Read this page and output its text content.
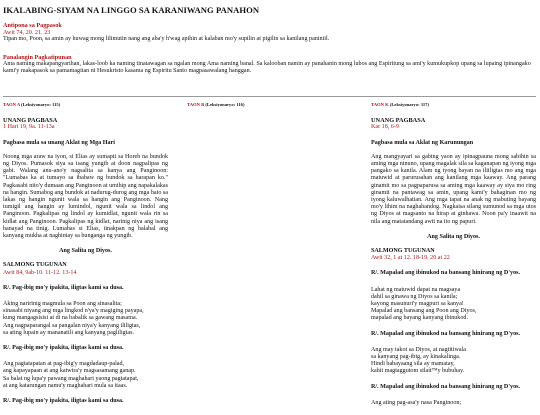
IKALABING-SIYAM NA LINGGO SA KARANIWANG PANAHON
Antipona sa Pagpasok
Awit 74, 20. 21. 23
Tipan mo, Poon, sa amin ay huwag mong lilimutin nang ang aba'y h'wag apihin at kalaban mo'y supilin at pigilin sa kanilang paniniil.
Panalangin Pagkatipunan
Ama naming makapangyarihan, lakas-loob ka naming tinatawagan sa ngalan mong Ama naming banal. Sa kalooban namin ay panahanin mong lubos ang Espiritung sa ami'y kumukupkop upang sa lupaing ipinangako kami'y makapasok sa pamamagitan ni Hesukristo kasama ng Espiritu Santo magpasawalang hanggan.
TAON A (Leksiyonaryo: 115)
UNANG PAGBASA
1 Hari 19, 9a. 11-13a
Pagbasa mula sa unang Aklat ng Mga Hari

Noong mga araw na iyon, si Elias ay sumapit sa Horeb na bundok ng Diyos. Pumasok siya sa isang yungib at doon nagpalipas ng gabi. Walang anu-ano'y nagsalita sa kanya ang Panginoon: "Lumabas ka at tumayo sa ibabaw ng bundok sa harapan ko." Pagkasabi nito'y dumaan ang Panginoon at umihip ang napakalakas na hangin. Sumabog ang bundok at nadurug-durog ang mga bato sa lakas ng hangin ngunit wala sa hangin ang Panginoon. Nang tumigil ang hangin ay lumindol, ngunit wala sa lindol ang Panginoon. Pagkalipas ng lindol ay kumidlat, ngunit wala rin sa kidlat ang Panginoon. Pagkalipas ng kidlat, narinig niya ang isang banayad na tinig. Lumabas si Elias, tinakpan ng balabal ang kanyang mukha at naghintay sa bunganga ng yungib.

Ang Salita ng Diyos.
SALMONG TUGUNAN
Awit 84, 9ab-10. 11-12. 13-14
R/. Pag-ibig mo'y ipakita, iligtas kami sa dusa.
Aking naririnig magmula sa Poon ang sinasalita;
sinasabi niyang ang mga lingkod n'ya'y magiging payapa,
kung mangagsisisi at di na babalik sa gawang masama.
Ang nagpaparangal sa pangalan niya'y kanyang ililigtas,
sa ating lupain ay mananatili ang kanyang pagliligtas.
R/. Pag-ibig mo'y ipakita, iligtas kami sa dusa.
Ang pagtatapatan at pag-ibig'y magdadaup-palad,
ang kapayapaan at ang katwira'y magsasamang ganap.
Sa balat ng lupa'y pawang maghahari yaong pagtatapat,
at ang katarungan namu'y maghahari mula sa itaas.
R/. Pag-ibig mo'y ipakita, iligtas kami sa dusa.
TAON B (Leksiyonaryo: 116)	TAON K (Leksiyonaryo: 117)
UNANG PAGBASA
Kar 18, 6-9
Pagbasa mula sa Aklat ng Karunungan

Ang mangyayari sa gabing yaon ay ipinagpauna mong sabihin sa aming mga ninuno, upang magalak sila sa kaganapan ng iyong mga pangako sa kanila. Alam ng iyong bayan na iliiligtas mo ang mga matuwid at parurusahan ang kanilang mga kaaway. Ang parang ginamit mo sa pagpaparusa sa aming mga kaaway ay siya mo ring ginamit na pantawag sa amin, upang kami'y bahaginan mo ng iyong kaluwalhatian. Ang mga tapat na anak ng mabuting bayang mo'y lihim na naghahandog. Nagkaisa silang sumunod sa mga utos ng Diyos at magsanto na hirap at ginhawa. Noon pa'y inaawit na nila ang matatandang awit na ito ng papuri.

Ang Salita ng Diyos.
SALMONG TUGUNAN
Awit 32, 1 at 12. 18-19. 20 at 22
R/. Mapalad ang ibinukod na bansang hinirang ng D'yos.
Lahat ng matuwid dapat na magsaya
dahil sa ginawa ng Diyos sa kanila;
kayong masunuri'y magpuri sa kanya!
Mapalad ang bansang ang Poon ang Diyos,
mapalad ang bayang kanyang ibinukod.
R/. Mapalad ang ibinukod na bansang hinirang ng D'yos.
Ang may takot sa Diyos, at nagtitiwala
sa kanyang pag-ibig, ay kinakalinga.
Hindi babayaang sila ay mamatay,
kahit magtaggutom silaít™y bubuhay.
R/. Mapalad ang ibinukod na bansang hinirang ng D'yos.
Ang ating pag-asa'y nasa Panginoon;
